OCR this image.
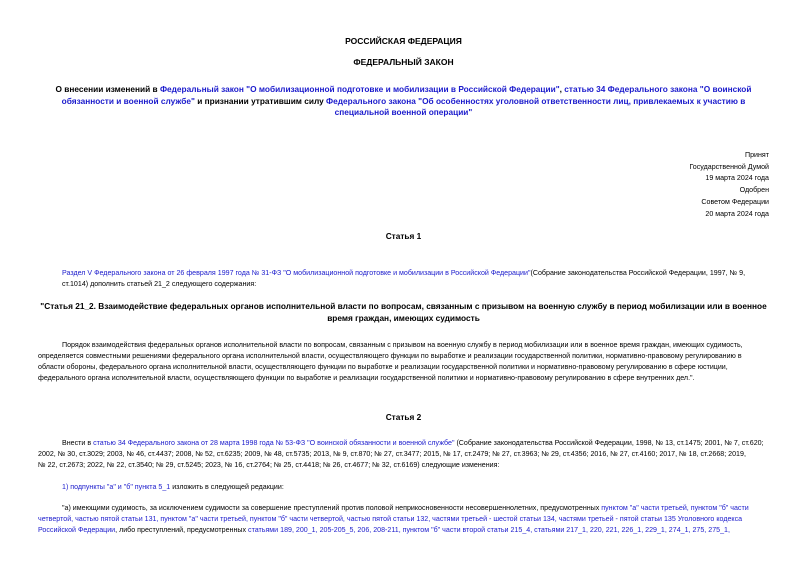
РОССИЙСКАЯ ФЕДЕРАЦИЯ
ФЕДЕРАЛЬНЫЙ ЗАКОН
О внесении изменений в Федеральный закон "О мобилизационной подготовке и мобилизации в Российской Федерации", статью 34 Федерального закона "О воинской обязанности и военной службе" и признании утратившим силу Федерального закона "Об особенностях уголовной ответственности лиц, привлекаемых к участию в специальной военной операции"
Принят
Государственной Думой
19 марта 2024 года
Одобрен
Советом Федерации
20 марта 2024 года
Статья 1
Раздел V Федерального закона от 26 февраля 1997 года № 31-ФЗ "О мобилизационной подготовке и мобилизации в Российской Федерации"(Собрание законодательства Российской Федерации, 1997, № 9, ст.1014) дополнить статьей 21_2 следующего содержания:
"Статья 21_2. Взаимодействие федеральных органов исполнительной власти по вопросам, связанным с призывом на военную службу в период мобилизации или в военное время граждан, имеющих судимость
Порядок взаимодействия федеральных органов исполнительной власти по вопросам, связанным с призывом на военную службу в период мобилизации или в военное время граждан, имеющих судимость,
определяется совместными решениями федерального органа исполнительной власти, осуществляющего функции по выработке и реализации государственной политики, нормативно-правовому регулированию в
области обороны, федерального органа исполнительной власти, осуществляющего функции по выработке и реализации государственной политики и нормативно-правовому регулированию в сфере юстиции,
федерального органа исполнительной власти, осуществляющего функции по выработке и реализации государственной политики и нормативно-правовому регулированию в сфере внутренних дел.".
Статья 2
Внести в статью 34 Федерального закона от 28 марта 1998 года № 53-ФЗ "О воинской обязанности и военной службе" (Собрание законодательства Российской Федерации, 1998, № 13, ст.1475; 2001, № 7, ст.620;
2002, № 30, ст.3029; 2003, № 46, ст.4437; 2008, № 52, ст.6235; 2009, № 48, ст.5735; 2013, № 9, ст.870; № 27, ст.3477; 2015, № 17, ст.2479; № 27, ст.3963; № 29, ст.4356; 2016, № 27, ст.4160; 2017, № 18, ст.2668; 2019,
№ 22, ст.2673; 2022, № 22, ст.3540; № 29, ст.5245; 2023, № 16, ст.2764; № 25, ст.4418; № 26, ст.4677; № 32, ст.6169) следующие изменения:
1) подпункты "а" и "б" пункта 5_1 изложить в следующей редакции:
"а) имеющими судимость, за исключением судимости за совершение преступлений против половой неприкосновенности несовершеннолетних, предусмотренных пунктом "а" части третьей, пунктом "б" части
четвертой, частью пятой статьи 131, пунктом "а" части третьей, пунктом "б" части четвертой, частью пятой статьи 132, частями третьей - шестой статьи 134, частями третьей - пятой статьи 135 Уголовного кодекса
Российской Федерации, либо преступлений, предусмотренных статьями 189, 200_1, 205-205_5, 206, 208-211, пунктом "б" части второй статьи 215_4, статьями 217_1, 220, 221, 226_1, 229_1, 274_1, 275, 275_1,
